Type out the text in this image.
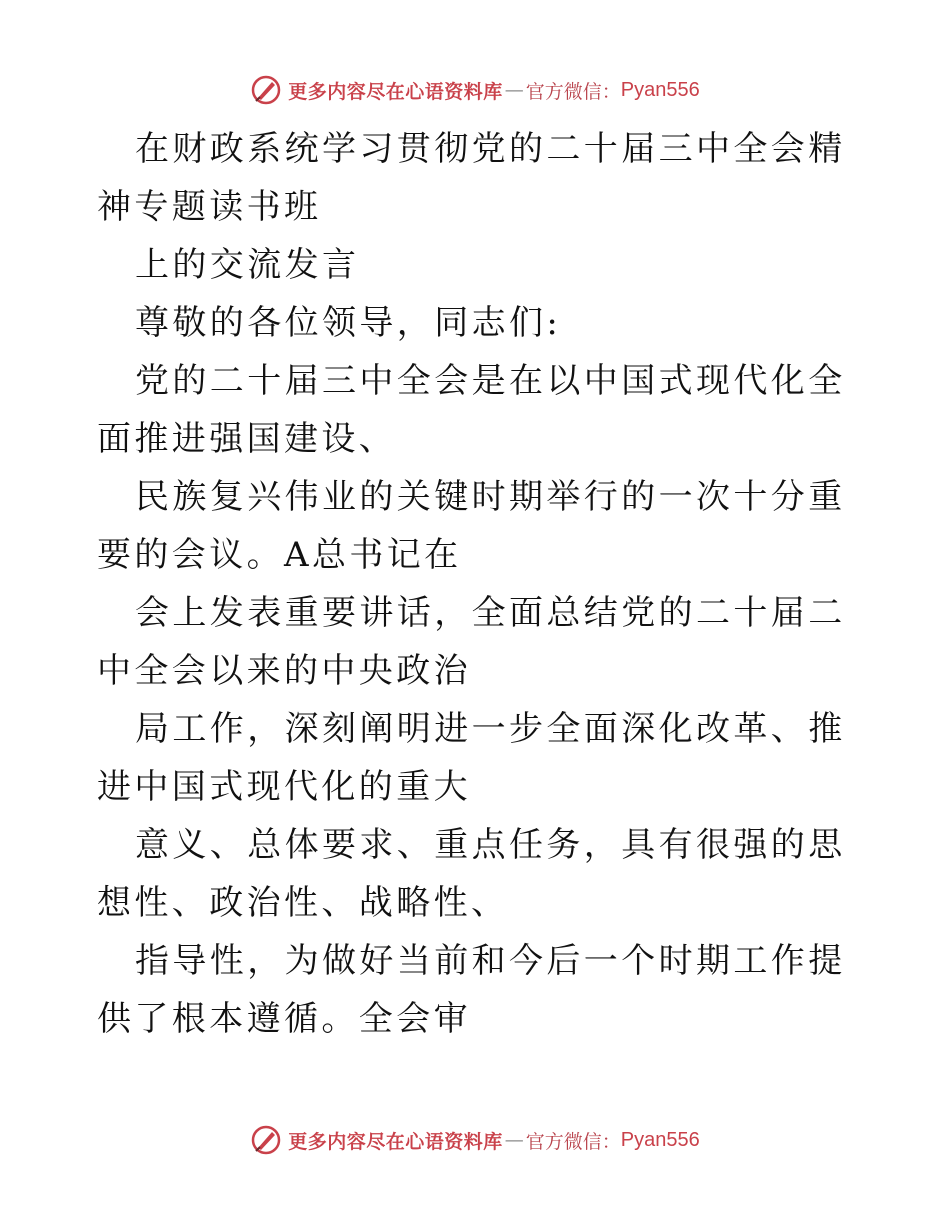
更多内容尽在心语资料库 — 官方微信： Pyan556

在财政系统学习贯彻党的二十届三中全会精神专题读书班

上的交流发言

尊敬的各位领导，同志们:

党的二十届三中全会是在以中国式现代化全面推进强国建设、

民族复兴伟业的关键时期举行的一次十分重要的会议。A总书记在

会上发表重要讲话，全面总结党的二十届二中全会以来的中央政治

局工作，深刻阐明进一步全面深化改革、推进中国式现代化的重大

意义、总体要求、重点任务，具有很强的思想性、政治性、战略性、

指导性，为做好当前和今后一个时期工作提供了根本遵循。全会审

更多内容尽在心语资料库 — 官方微信： Pyan556
